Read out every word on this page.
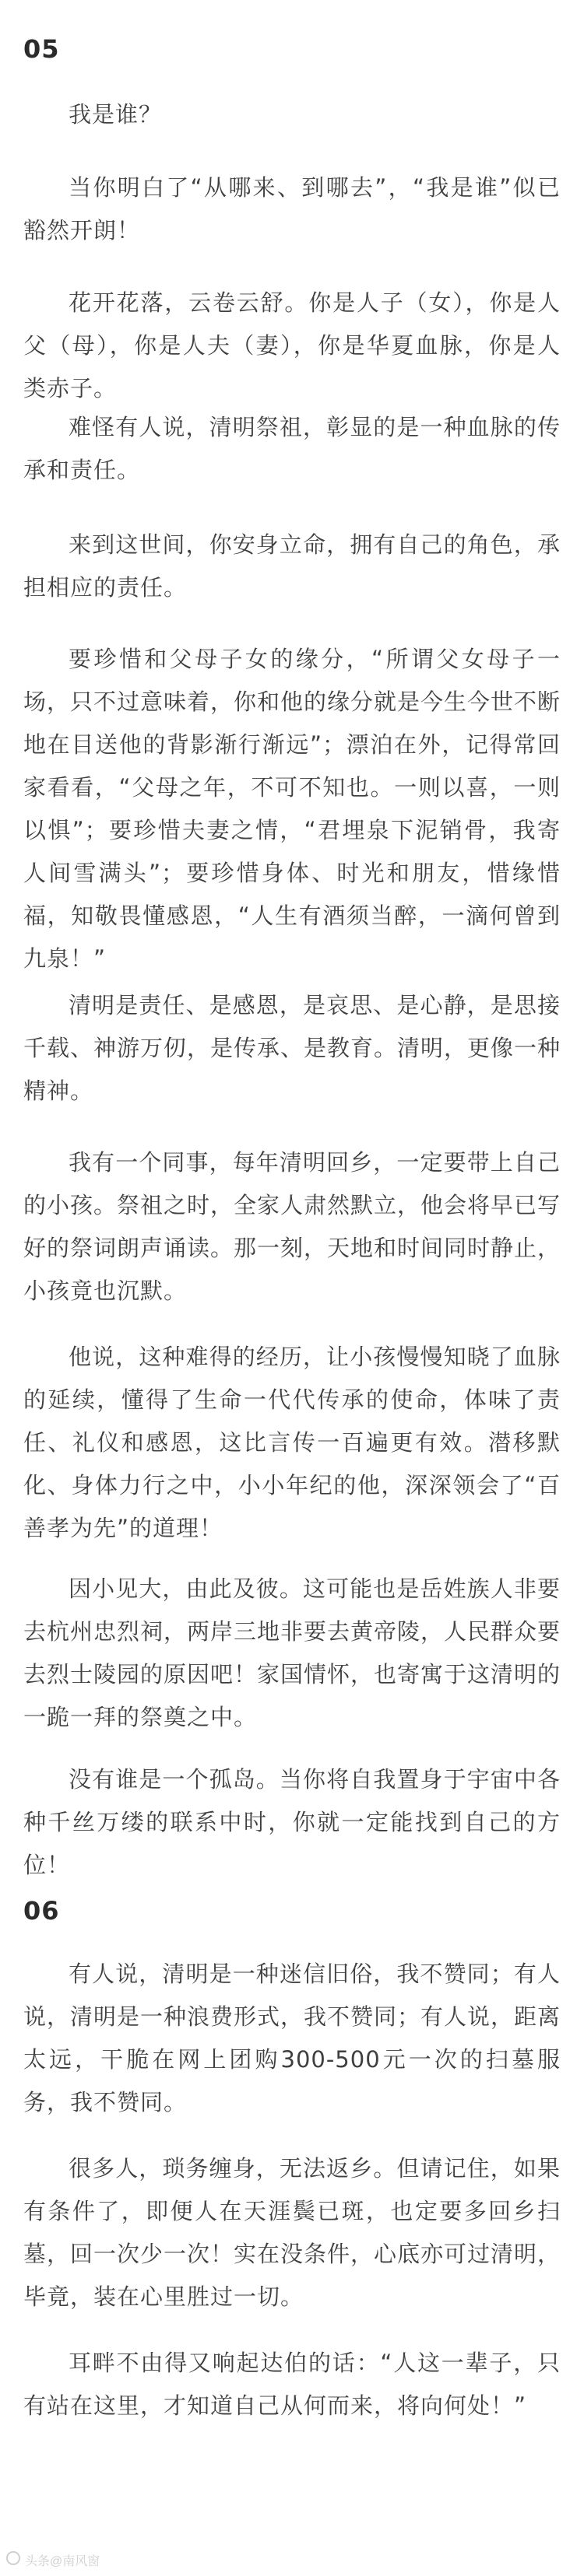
05

我是谁？

当你明白了“从哪来、到哪去”，“我是谁”似已豁然开朗！

花开花落，云卷云舒。你是人子（女），你是人父（母），你是人夫（妻），你是华夏血脉，你是人类赤子。

难怪有人说，清明祭祖，彰显的是一种血脉的传承和责任。

来到这世间，你安身立命，拥有自己的角色，承担相应的责任。

要珍惜和父母子女的缘分，“所谓父女母子一场，只不过意味着，你和他的缘分就是今生今世不断地在目送他的背影渐行渐远”；漂泊在外，记得常回家看看，“父母之年，不可不知也。一则以喜，一则以惧”；要珍惜夫妻之情，“君埋泉下泥销骨，我寄人间雪满头”；要珍惜身体、时光和朋友，惜缘惜福，知敬畏懂感恩，“人生有酒须当醉，一滴何曾到九泉！”

清明是责任、是感恩，是哀思、是心静，是思接千载、神游万仞，是传承、是教育。清明，更像一种精神。

我有一个同事，每年清明回乡，一定要带上自己的小孩。祭祖之时，全家人肃然默立，他会将早已写好的祭词朗声诵读。那一刻，天地和时间同时静止，小孩竟也沉默。

他说，这种难得的经历，让小孩慢慢知晓了血脉的延续，懂得了生命一代代传承的使命，体味了责任、礼仪和感恩，这比言传一百遍更有效。潜移默化、身体力行之中，小小年纪的他，深深领会了“百善孝为先”的道理！

因小见大，由此及彼。这可能也是岳姓族人非要去杭州忠烈祠，两岸三地非要去黄帝陵，人民群众要去烈士陵园的原因吧！家国情怀，也寄寓于这清明的一跪一拜的祭奠之中。

没有谁是一个孤岛。当你将自我置身于宇宙中各种千丝万缕的联系中时，你就一定能找到自己的方位！

06

有人说，清明是一种迷信旧俗，我不赞同；有人说，清明是一种浪费形式，我不赞同；有人说，距离太远，干脆在网上团购300-500元一次的扫墓服务，我不赞同。

很多人，琐务缠身，无法返乡。但请记住，如果有条件了，即便人在天涯鬓已斑，也定要多回乡扫墓，回一次少一次！实在没条件，心底亦可过清明，毕竟，装在心里胜过一切。

耳畔不由得又响起达伯的话：“人这一辈子，只有站在这里，才知道自己从何而来，将向何处！”

头条@南风窗
